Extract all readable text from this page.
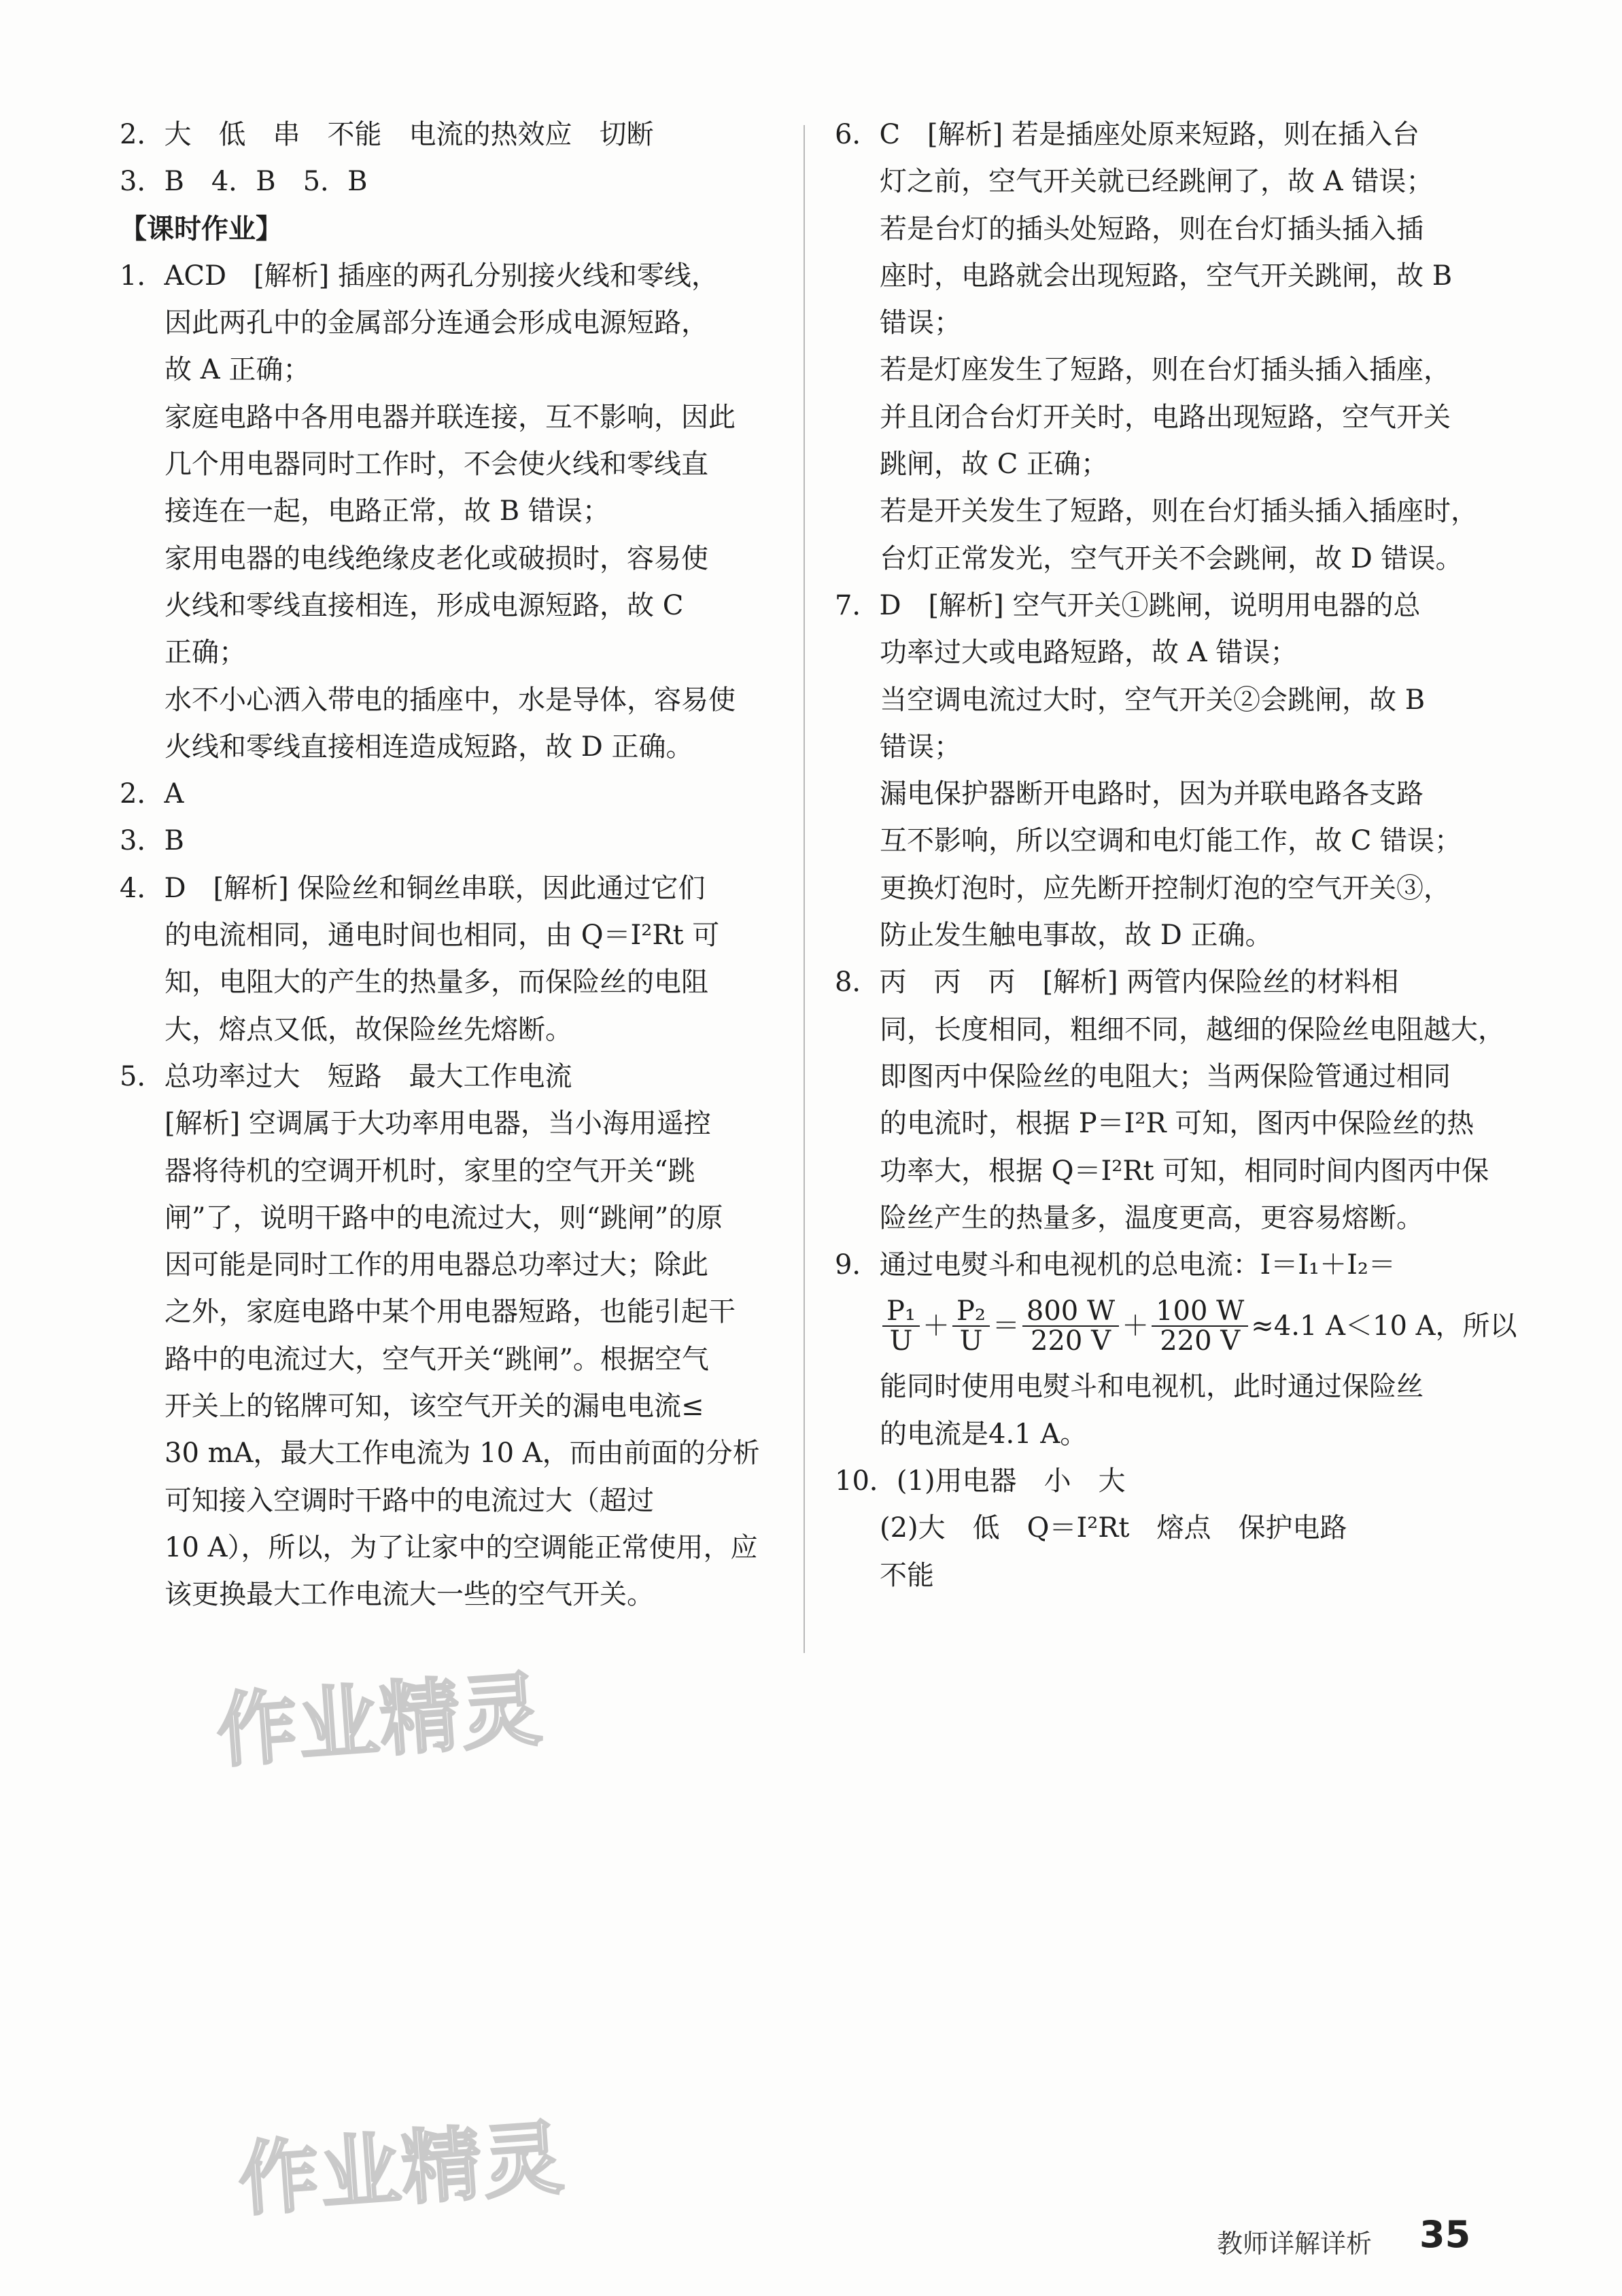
2．大　低　串　不能　电流的热效应　切断
3．B　4．B　5．B
【课时作业】
1．ACD　[解析] 插座的两孔分别接火线和零线，
因此两孔中的金属部分连通会形成电源短路，
故 A 正确；
家庭电路中各用电器并联连接，互不影响，因此
几个用电器同时工作时，不会使火线和零线直
接连在一起，电路正常，故 B 错误；
家用电器的电线绝缘皮老化或破损时，容易使
火线和零线直接相连，形成电源短路，故 C
正确；
水不小心洒入带电的插座中，水是导体，容易使
火线和零线直接相连造成短路，故 D 正确。
2．A
3．B
4．D　[解析] 保险丝和铜丝串联，因此通过它们
的电流相同，通电时间也相同，由 Q＝I²Rt 可
知，电阻大的产生的热量多，而保险丝的电阻
大，熔点又低，故保险丝先熔断。
5．总功率过大　短路　最大工作电流
[解析] 空调属于大功率用电器，当小海用遥控
器将待机的空调开机时，家里的空气开关“跳
闸”了，说明干路中的电流过大，则“跳闸”的原
因可能是同时工作的用电器总功率过大；除此
之外，家庭电路中某个用电器短路，也能引起干
路中的电流过大，空气开关“跳闸”。根据空气
开关上的铭牌可知，该空气开关的漏电电流≤
30 mA，最大工作电流为 10 A，而由前面的分析
可知接入空调时干路中的电流过大（超过
10 A），所以，为了让家中的空调能正常使用，应
该更换最大工作电流大一些的空气开关。
6．C　[解析] 若是插座处原来短路，则在插入台
灯之前，空气开关就已经跳闸了，故 A 错误；
若是台灯的插头处短路，则在台灯插头插入插
座时，电路就会出现短路，空气开关跳闸，故 B
错误；
若是灯座发生了短路，则在台灯插头插入插座，
并且闭合台灯开关时，电路出现短路，空气开关
跳闸，故 C 正确；
若是开关发生了短路，则在台灯插头插入插座时，
台灯正常发光，空气开关不会跳闸，故 D 错误。
7．D　[解析] 空气开关①跳闸，说明用电器的总
功率过大或电路短路，故 A 错误；
当空调电流过大时，空气开关②会跳闸，故 B
错误；
漏电保护器断开电路时，因为并联电路各支路
互不影响，所以空调和电灯能工作，故 C 错误；
更换灯泡时，应先断开控制灯泡的空气开关③，
防止发生触电事故，故 D 正确。
8．丙　丙　丙　[解析] 两管内保险丝的材料相
同，长度相同，粗细不同，越细的保险丝电阻越大，
即图丙中保险丝的电阻大；当两保险管通过相同
的电流时，根据 P＝I²R 可知，图丙中保险丝的热
功率大，根据 Q＝I²Rt 可知，相同时间内图丙中保
险丝产生的热量多，温度更高，更容易熔断。
9．通过电熨斗和电视机的总电流：I＝I₁＋I₂＝
$\frac{\text{P₁}}{U} + \frac{\text{P₂}}{U} = \frac{800 W}{220 V} + \frac{100 W}{220 V} \approx 4.1$ A＜10 A，所以
能同时使用电熨斗和电视机，此时通过保险丝
的电流是4.1 A。
10．(1)用电器　小　大
(2)大　低　Q＝I²Rt　熔点　保护电路
不能
作业精灵
作业精灵
教师详解详析 35
